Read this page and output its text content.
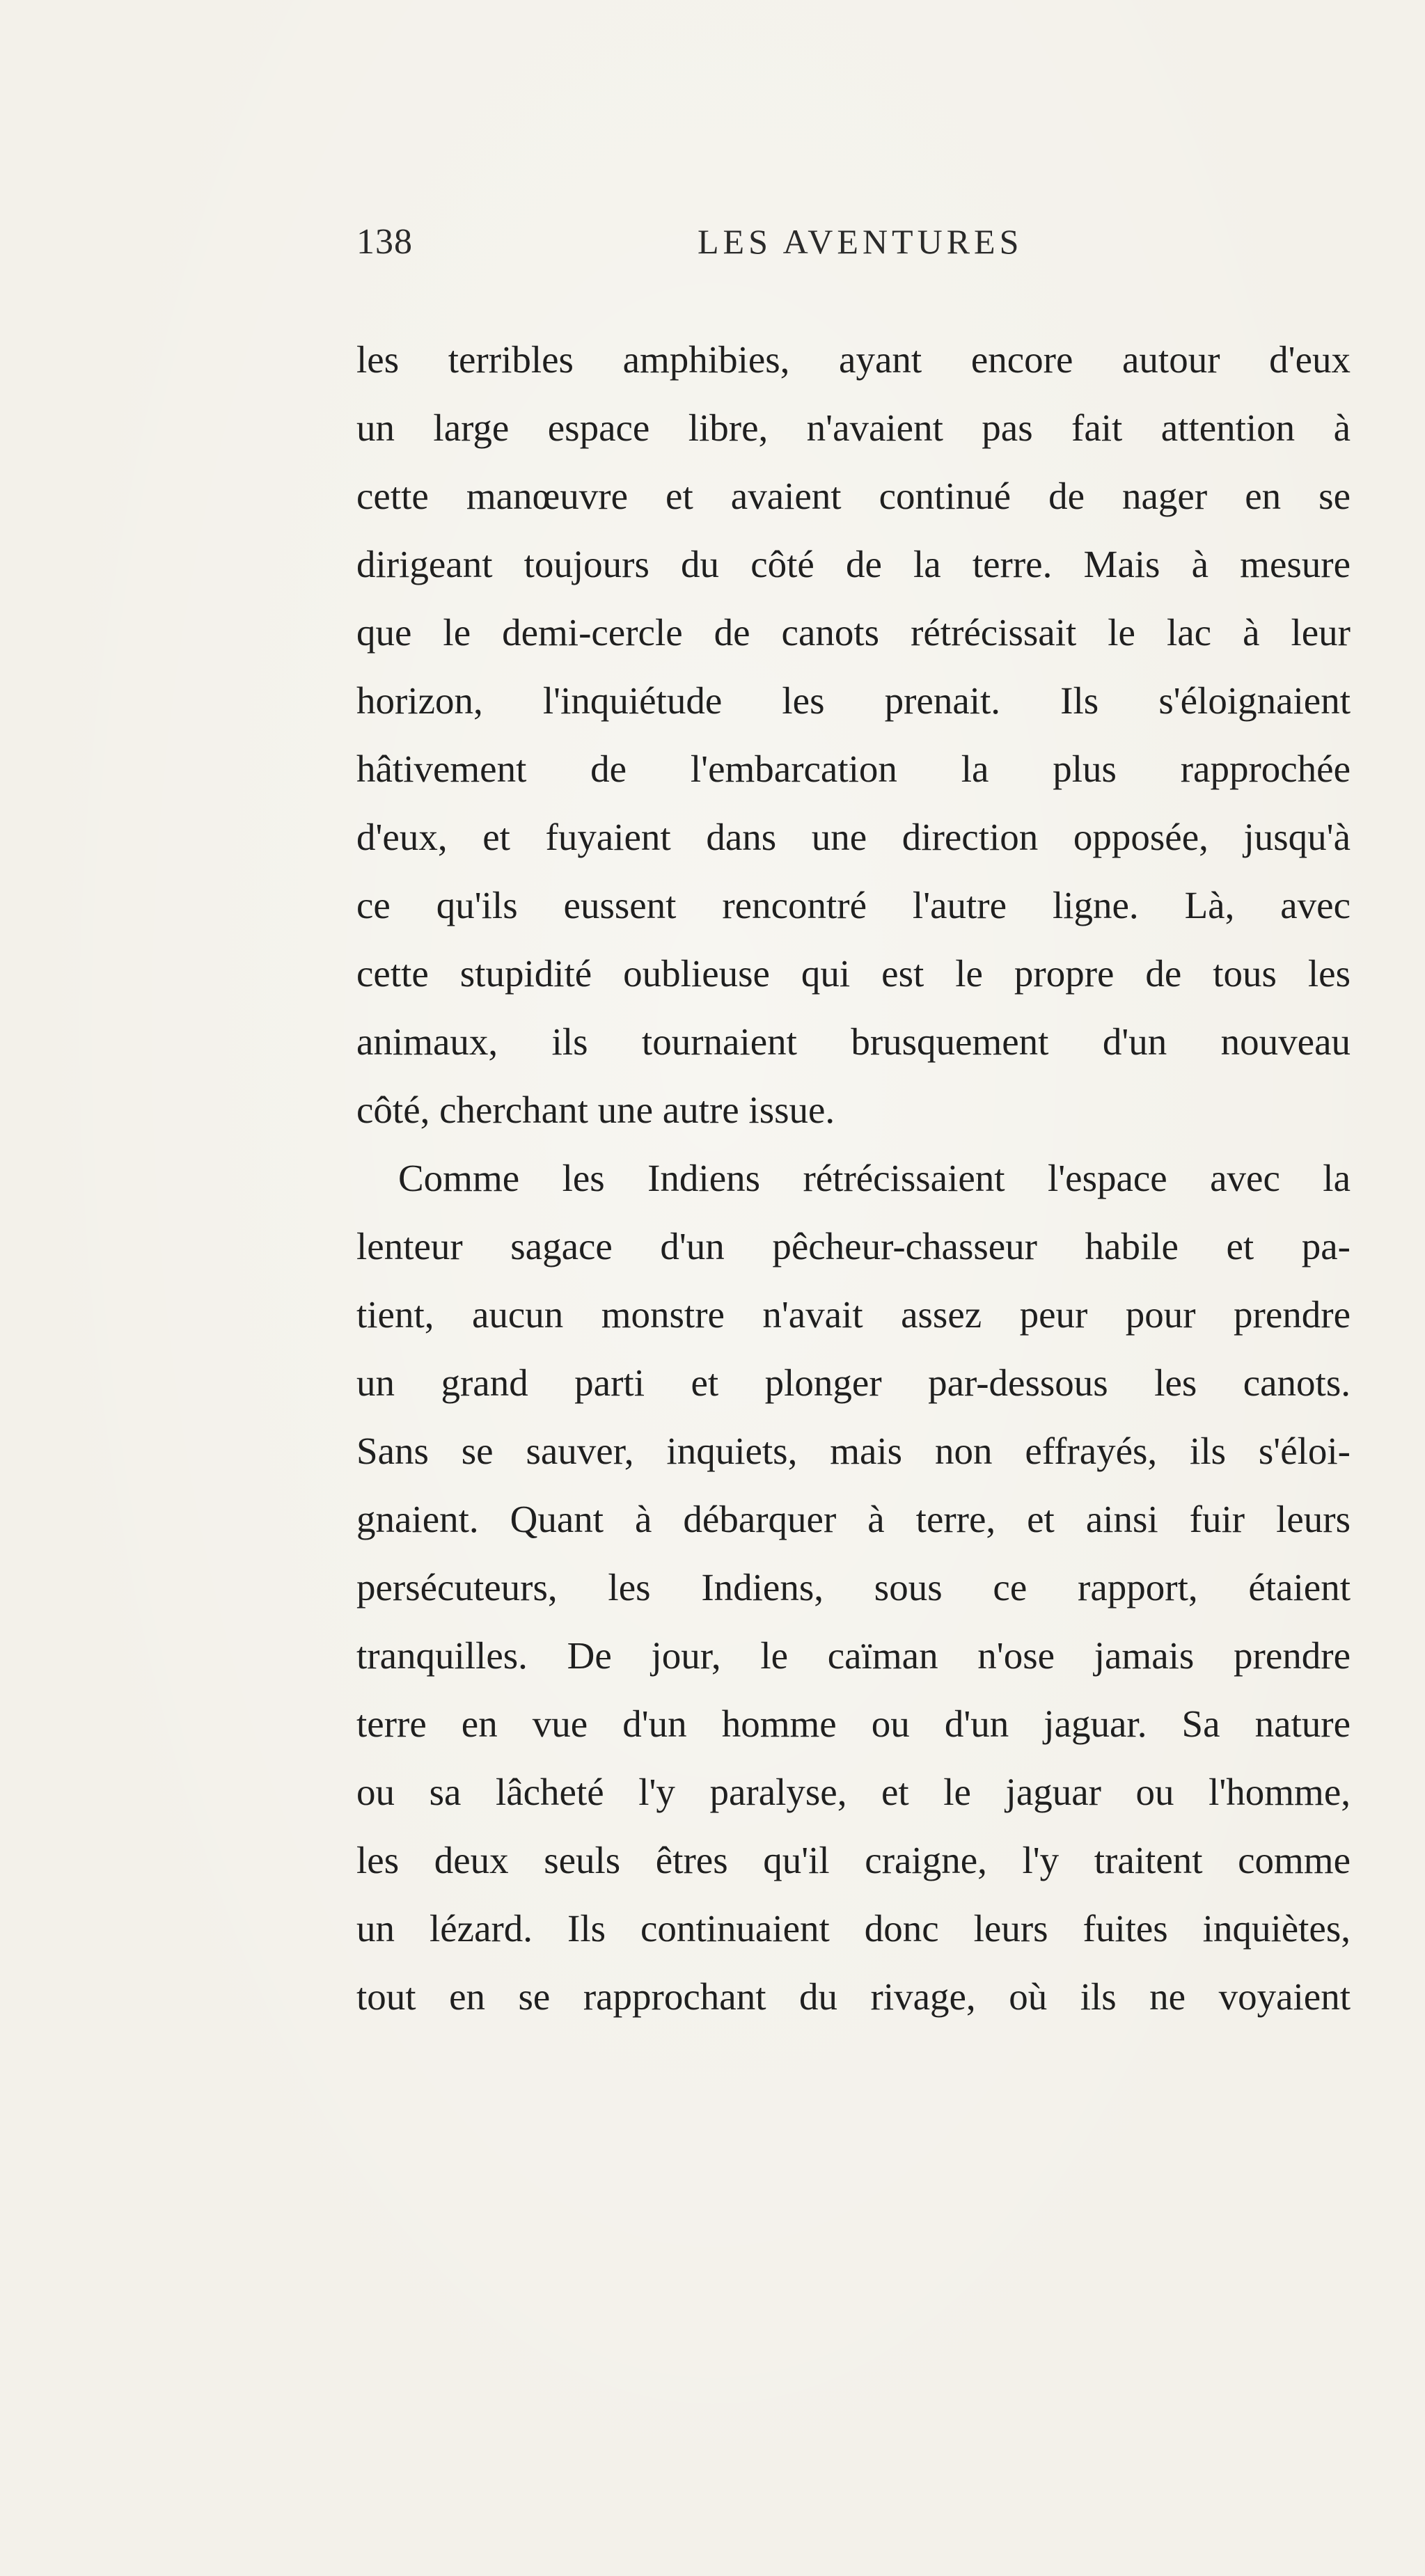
138	LES AVENTURES
les terribles amphibies, ayant encore autour d'eux
un large espace libre, n'avaient pas fait attention à
cette manœuvre et avaient continué de nager en se
dirigeant toujours du côté de la terre. Mais à mesure
que le demi-cercle de canots rétrécissait le lac à leur
horizon, l'inquiétude les prenait. Ils s'éloignaient
hâtivement de l'embarcation la plus rapprochée
d'eux, et fuyaient dans une direction opposée, jusqu'à
ce qu'ils eussent rencontré l'autre ligne. Là, avec
cette stupidité oublieuse qui est le propre de tous les
animaux, ils tournaient brusquement d'un nouveau
côté, cherchant une autre issue.
Comme les Indiens rétrécissaient l'espace avec la
lenteur sagace d'un pêcheur-chasseur habile et pa-
tient, aucun monstre n'avait assez peur pour prendre
un grand parti et plonger par-dessous les canots.
Sans se sauver, inquiets, mais non effrayés, ils s'éloi-
gnaient. Quant à débarquer à terre, et ainsi fuir leurs
persécuteurs, les Indiens, sous ce rapport, étaient
tranquilles. De jour, le caïman n'ose jamais prendre
terre en vue d'un homme ou d'un jaguar. Sa nature
ou sa lâcheté l'y paralyse, et le jaguar ou l'homme,
les deux seuls êtres qu'il craigne, l'y traitent comme
un lézard. Ils continuaient donc leurs fuites inquiètes,
tout en se rapprochant du rivage, où ils ne voyaient
